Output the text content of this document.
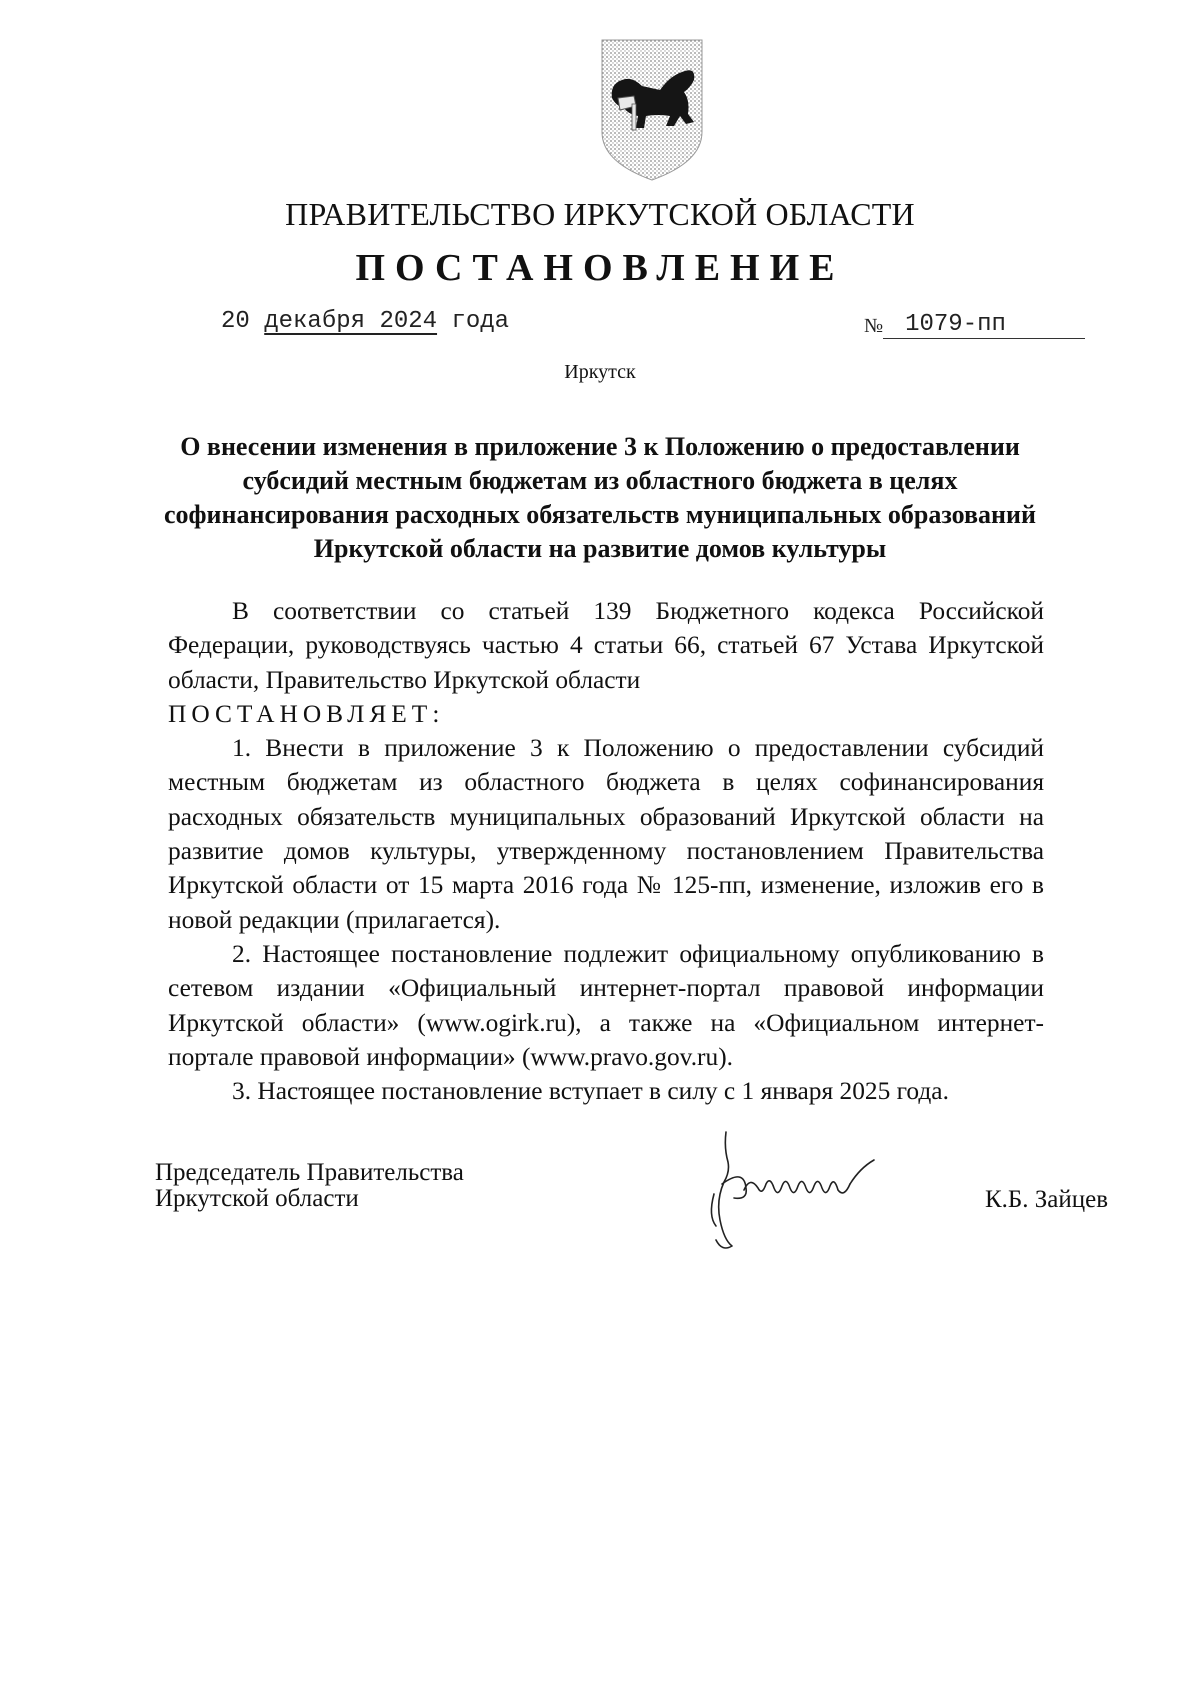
ПРАВИТЕЛЬСТВО ИРКУТСКОЙ ОБЛАСТИ
ПОСТАНОВЛЕНИЕ
20 декабря 2024 года	№ 1079-пп
Иркутск
О внесении изменения в приложение 3 к Положению о предоставлении субсидий местным бюджетам из областного бюджета в целях софинансирования расходных обязательств муниципальных образований Иркутской области на развитие домов культуры

В соответствии со статьей 139 Бюджетного кодекса Российской Федерации, руководствуясь частью 4 статьи 66, статьей 67 Устава Иркутской области, Правительство Иркутской области

ПОСТАНОВЛЯЕТ:

1. Внести в приложение 3 к Положению о предоставлении субсидий местным бюджетам из областного бюджета в целях софинансирования расходных обязательств муниципальных образований Иркутской области на развитие домов культуры, утвержденному постановлением Правительства Иркутской области от 15 марта 2016 года № 125-пп, изменение, изложив его в новой редакции (прилагается).

2. Настоящее постановление подлежит официальному опубликованию в сетевом издании «Официальный интернет-портал правовой информации Иркутской области» (www.ogirk.ru), а также на «Официальном интернет-портале правовой информации» (www.pravo.gov.ru).

3. Настоящее постановление вступает в силу с 1 января 2025 года.

Председатель Правительства
Иркутской области	К.Б. Зайцев
